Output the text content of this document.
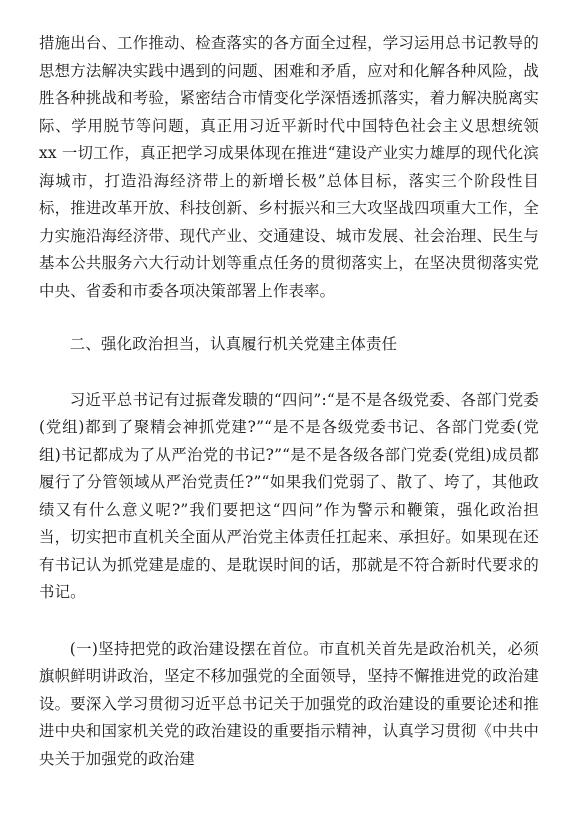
措施出台、工作推动、检查落实的各方面全过程，学习运用总书记教导的思想方法解决实践中遇到的问题、困难和矛盾，应对和化解各种风险，战胜各种挑战和考验，紧密结合市情变化学深悟透抓落实，着力解决脱离实际、学用脱节等问题，真正用习近平新时代中国特色社会主义思想统领 xx 一切工作，真正把学习成果体现在推进“建设产业实力雄厚的现代化滨海城市，打造沿海经济带上的新增长极”总体目标，落实三个阶段性目标，推进改革开放、科技创新、乡村振兴和三大攻坚战四项重大工作，全力实施沿海经济带、现代产业、交通建设、城市发展、社会治理、民生与基本公共服务六大行动计划等重点任务的贯彻落实上，在坚决贯彻落实党中央、省委和市委各项决策部署上作表率。

二、强化政治担当，认真履行机关党建主体责任

习近平总书记有过振聋发聩的“四问”:“是不是各级党委、各部门党委(党组)都到了聚精会神抓党建?”“是不是各级党委书记、各部门党委(党组)书记都成为了从严治党的书记?”“是不是各级各部门党委(党组)成员都履行了分管领域从严治党责任?”“如果我们党弱了、散了、垮了，其他政绩又有什么意义呢?”我们要把这“四问”作为警示和鞭策，强化政治担当，切实把市直机关全面从严治党主体责任扛起来、承担好。如果现在还有书记认为抓党建是虚的、是耽误时间的话，那就是不符合新时代要求的书记。

(一)坚持把党的政治建设摆在首位。市直机关首先是政治机关，必须旗帜鲜明讲政治，坚定不移加强党的全面领导，坚持不懈推进党的政治建设。要深入学习贯彻习近平总书记关于加强党的政治建设的重要论述和推进中央和国家机关党的政治建设的重要指示精神，认真学习贯彻《中共中央关于加强党的政治建
